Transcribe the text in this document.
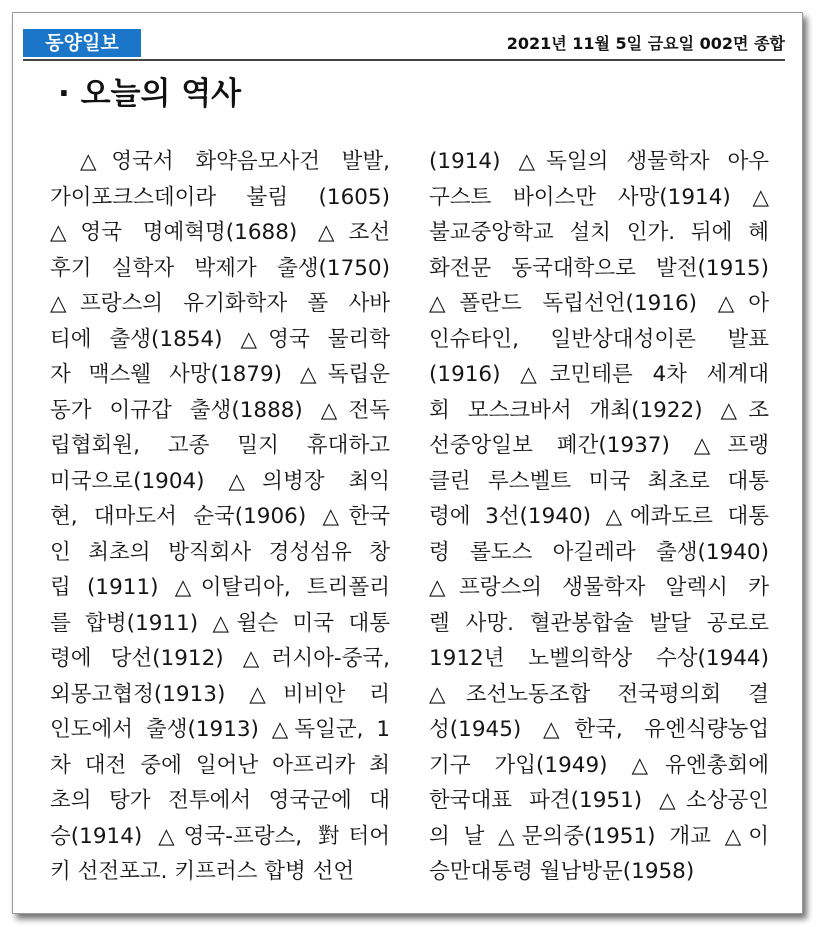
동양일보	2021년 11월 5일 금요일 002면 종합
· 오늘의 역사
△영국서 화약음모사건 발발,
가이포크스데이라 불림 (1605)
△영국 명예혁명(1688) △조선
후기 실학자 박제가 출생(1750)
△프랑스의 유기화학자 폴 사바
티에 출생(1854) △영국 물리학
자 맥스웰 사망(1879) △독립운
동가 이규갑 출생(1888) △전독
립협회원, 고종 밀지 휴대하고
미국으로(1904) △의병장 최익
현, 대마도서 순국(1906) △한국
인 최초의 방직회사 경성섬유 창
립 (1911) △이탈리아, 트리폴리
를 합병(1911) △윌슨 미국 대통
령에 당선(1912) △러시아-중국,
외몽고협정(1913) △비비안 리
인도에서 출생(1913) △독일군, 1
차 대전 중에 일어난 아프리카 최
초의 탕가 전투에서 영국군에 대
승(1914) △영국-프랑스, 對터어
키 선전포고. 키프러스 합병 선언
(1914) △독일의 생물학자 아우
구스트 바이스만 사망(1914) △
불교중앙학교 설치 인가. 뒤에 혜
화전문 동국대학으로 발전(1915)
△폴란드 독립선언(1916) △아
인슈타인, 일반상대성이론 발표
(1916) △코민테른 4차 세계대
회 모스크바서 개최(1922) △조
선중앙일보 폐간(1937) △프랭
클린 루스벨트 미국 최초로 대통
령에 3선(1940) △에콰도르 대통
령 롤도스 아길레라 출생(1940)
△프랑스의 생물학자 알렉시 카
렐 사망. 혈관봉합술 발달 공로로
1912년 노벨의학상 수상(1944)
△조선노동조합 전국평의회 결
성(1945) △한국, 유엔식량농업
기구 가입(1949) △유엔총회에
한국대표 파견(1951) △소상공인
의 날 △문의중(1951) 개교 △이
승만대통령 월남방문(1958)
